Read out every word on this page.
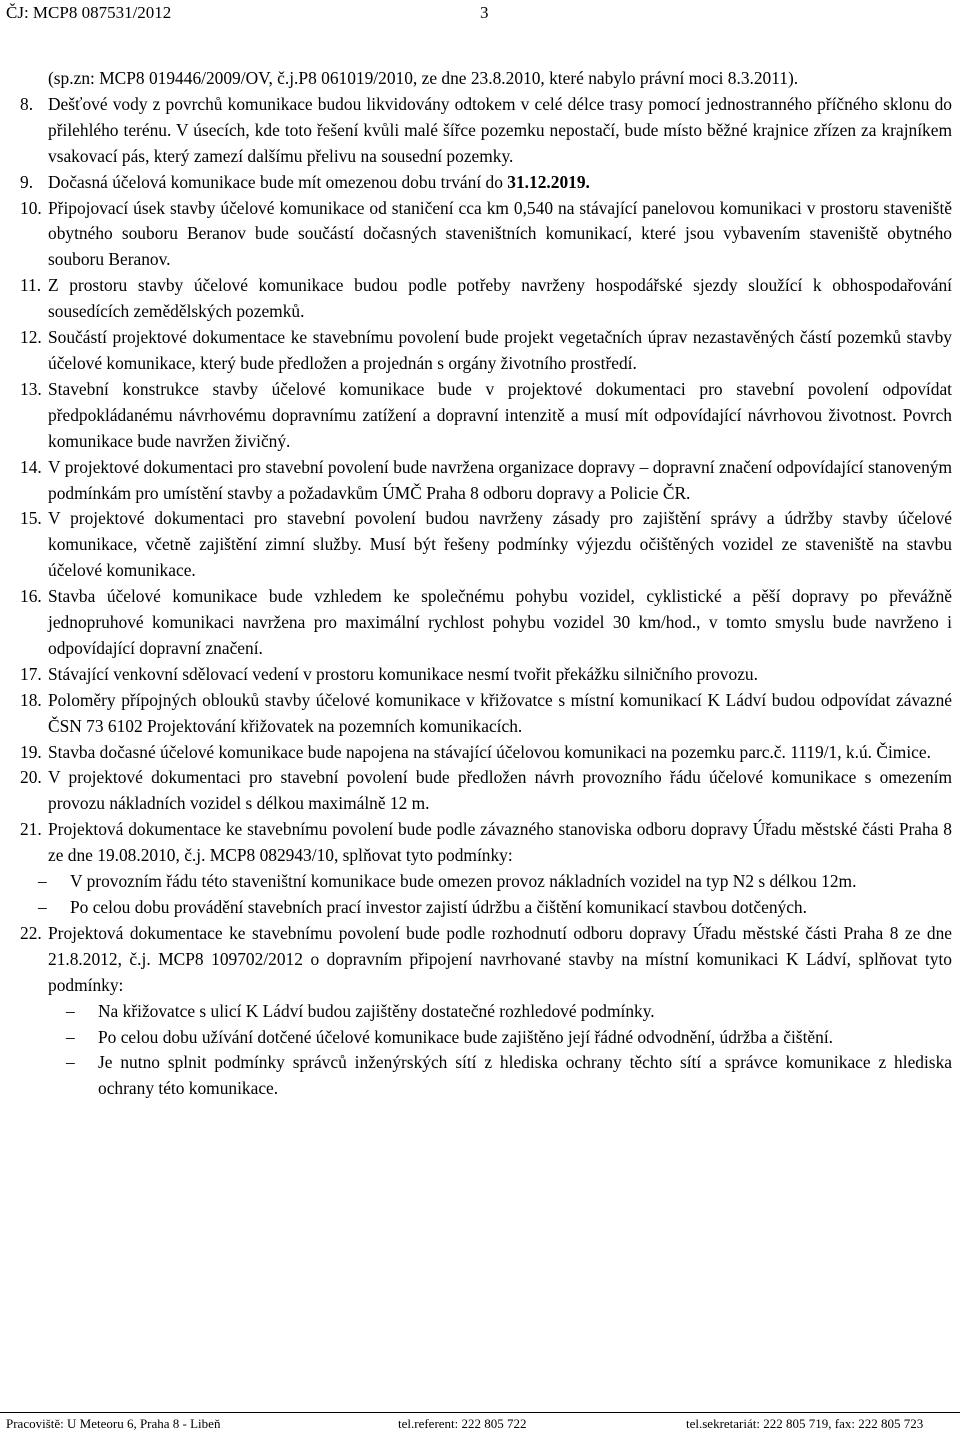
ČJ: MCP8 087531/2012	3
(sp.zn: MCP8 019446/2009/OV, č.j.P8 061019/2010, ze dne 23.8.2010, které nabylo právní moci 8.3.2011).
8. Dešťové vody z povrchů komunikace budou likvidovány odtokem v celé délce trasy pomocí jednostranného příčného sklonu do přilehlého terénu. V úsecích, kde toto řešení kvůli malé šířce pozemku nepostačí, bude místo běžné krajnice zřízen za krajníkem vsakovací pás, který zamezí dalšímu přelivu na sousední pozemky.
9. Dočasná účelová komunikace bude mít omezenou dobu trvání do 31.12.2019.
10. Připojovací úsek stavby účelové komunikace od staničení cca km 0,540 na stávající panelovou komunikaci v prostoru staveniště obytného souboru Beranov bude součástí dočasných staveništních komunikací, které jsou vybavením staveniště obytného souboru Beranov.
11. Z prostoru stavby účelové komunikace budou podle potřeby navrženy hospodářské sjezdy sloužící k obhospodařování sousedících zemědělských pozemků.
12. Součástí projektové dokumentace ke stavebnímu povolení bude projekt vegetačních úprav nezastavěných částí pozemků stavby účelové komunikace, který bude předložen a projednán s orgány životního prostředí.
13. Stavební konstrukce stavby účelové komunikace bude v projektové dokumentaci pro stavební povolení odpovídat předpokládanému návrhovému dopravnímu zatížení a dopravní intenzitě a musí mít odpovídající návrhovou životnost. Povrch komunikace bude navržen živičný.
14. V projektové dokumentaci pro stavební povolení bude navržena organizace dopravy – dopravní značení odpovídající stanoveným podmínkám pro umístění stavby a požadavkům ÚMČ Praha 8 odboru dopravy a Policie ČR.
15. V projektové dokumentaci pro stavební povolení budou navrženy zásady pro zajištění správy a údržby stavby účelové komunikace, včetně zajištění zimní služby. Musí být řešeny podmínky výjezdu očištěných vozidel ze staveniště na stavbu účelové komunikace.
16. Stavba účelové komunikace bude vzhledem ke společnému pohybu vozidel, cyklistické a pěší dopravy po převážně jednopruhové komunikaci navržena pro maximální rychlost pohybu vozidel 30 km/hod., v tomto smyslu bude navrženo i odpovídající dopravní značení.
17. Stávající venkovní sdělovací vedení v prostoru komunikace nesmí tvořit překážku silničního provozu.
18. Poloměry přípojných oblouků stavby účelové komunikace v křižovatce s místní komunikací K Ládví budou odpovídat závazné ČSN 73 6102 Projektování křižovatek na pozemních komunikacích.
19. Stavba dočasné účelové komunikace bude napojena na stávající účelovou komunikaci na pozemku parc.č. 1119/1, k.ú. Čimice.
20. V projektové dokumentaci pro stavební povolení bude předložen návrh provozního řádu účelové komunikace s omezením provozu nákladních vozidel s délkou maximálně 12 m.
21. Projektová dokumentace ke stavebnímu povolení bude podle závazného stanoviska odboru dopravy Úřadu městské části Praha 8 ze dne 19.08.2010, č.j. MCP8 082943/10, splňovat tyto podmínky:
– V provozním řádu této staveništní komunikace bude omezen provoz nákladních vozidel na typ N2 s délkou 12m.
– Po celou dobu provádění stavebních prací investor zajistí údržbu a čištění komunikací stavbou dotčených.
22. Projektová dokumentace ke stavebnímu povolení bude podle rozhodnutí odboru dopravy Úřadu městské části Praha 8 ze dne 21.8.2012, č.j. MCP8 109702/2012 o dopravním připojení navrhované stavby na místní komunikaci K Ládví, splňovat tyto podmínky:
– Na křižovatce s ulicí K Ládví budou zajištěny dostatečné rozhledové podmínky.
– Po celou dobu užívání dotčené účelové komunikace bude zajištěno její řádné odvodnění, údržba a čištění.
– Je nutno splnit podmínky správců inženýrských sítí z hlediska ochrany těchto sítí a správce komunikace z hlediska ochrany této komunikace.
Pracoviště: U Meteoru 6, Praha 8 - Libeň	tel.referent: 222 805 722	tel.sekretariát: 222 805 719, fax: 222 805 723
